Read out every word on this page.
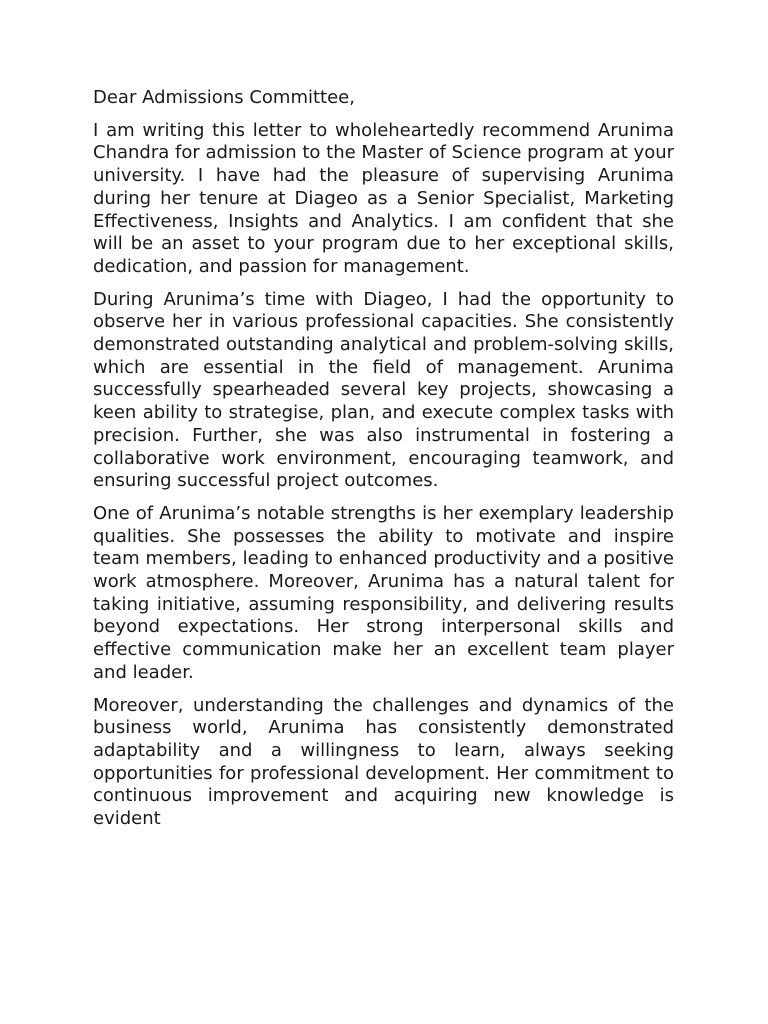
Dear Admissions Committee,

I am writing this letter to wholeheartedly recommend Arunima Chandra for admission to the Master of Science program at your university. I have had the pleasure of supervising Arunima during her tenure at Diageo as a Senior Specialist, Marketing Effectiveness, Insights and Analytics. I am confident that she will be an asset to your program due to her exceptional skills, dedication, and passion for management.

During Arunima’s time with Diageo, I had the opportunity to observe her in various professional capacities. She consistently demonstrated outstanding analytical and problem-solving skills, which are essential in the field of management. Arunima successfully spearheaded several key projects, showcasing a keen ability to strategise, plan, and execute complex tasks with precision. Further, she was also instrumental in fostering a collaborative work environment, encouraging teamwork, and ensuring successful project outcomes.

One of Arunima’s notable strengths is her exemplary leadership qualities. She possesses the ability to motivate and inspire team members, leading to enhanced productivity and a positive work atmosphere. Moreover, Arunima has a natural talent for taking initiative, assuming responsibility, and delivering results beyond expectations. Her strong interpersonal skills and effective communication make her an excellent team player and leader.

Moreover, understanding the challenges and dynamics of the business world, Arunima has consistently demonstrated adaptability and a willingness to learn, always seeking opportunities for professional development. Her commitment to continuous improvement and acquiring new knowledge is evident
